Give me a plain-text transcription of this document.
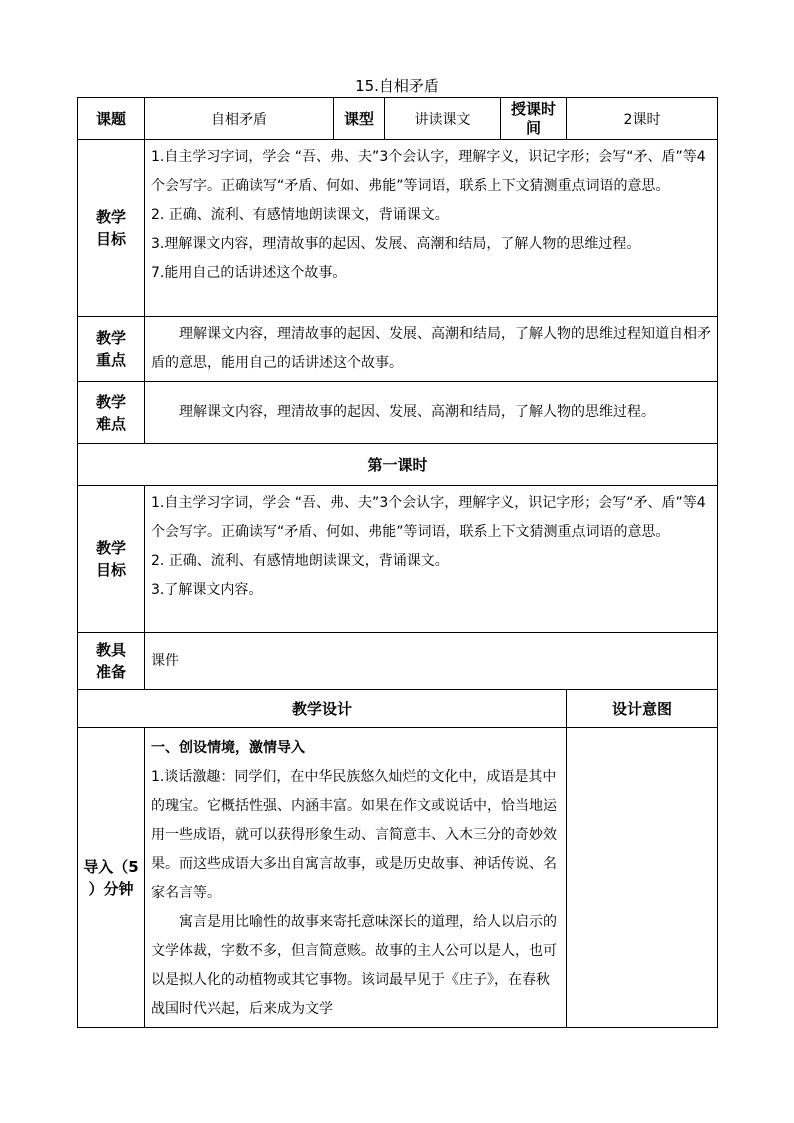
15.自相矛盾
课题	自相矛盾	课型	讲读课文	授课时间	2课时
教学目标	1.自主学习字词，学会 “吾、弗、夫”3个会认字，理解字义，识记字形；会写“矛、盾”等4个会写字。正确读写“矛盾、何如、弗能”等词语，联系上下文猜测重点词语的意思。

2. 正确、流利、有感情地朗读课文，背诵课文。

3.理解课文内容，理清故事的起因、发展、高潮和结局，了解人物的思维过程。

7.能用自己的话讲述这个故事。				

教学重点	理解课文内容，理清故事的起因、发展、高潮和结局，了解人物的思维过程知道自相矛盾的意思，能用自己的话讲述这个故事。				
教学难点	理解课文内容，理清故事的起因、发展、高潮和结局，了解人物的思维过程。				
第一课时					
教学目标	1.自主学习字词，学会 “吾、弗、夫”3个会认字，理解字义，识记字形；会写“矛、盾”等4个会写字。正确读写“矛盾、何如、弗能”等词语，联系上下文猜测重点词语的意思。

2. 正确、流利、有感情地朗读课文，背诵课文。

3.了解课文内容。				

教具准备	课件				
教学设计					设计意图
导入（5 ）分钟	一、创设情境，激情导入

1.谈话激趣：同学们，在中华民族悠久灿烂的文化中，成语是其中的瑰宝。它概括性强、内涵丰富。如果在作文或说话中，恰当地运用一些成语，就可以获得形象生动、言简意丰、入木三分的奇妙效果。而这些成语大多出自寓言故事，或是历史故事、神话传说、名家名言等。

寓言是用比喻性的故事来寄托意味深长的道理，给人以启示的文学体裁，字数不多，但言简意赅。故事的主人公可以是人，也可以是拟人化的动植物或其它事物。该词最早见于《庄子》，在春秋战国时代兴起，后来成为文学				
